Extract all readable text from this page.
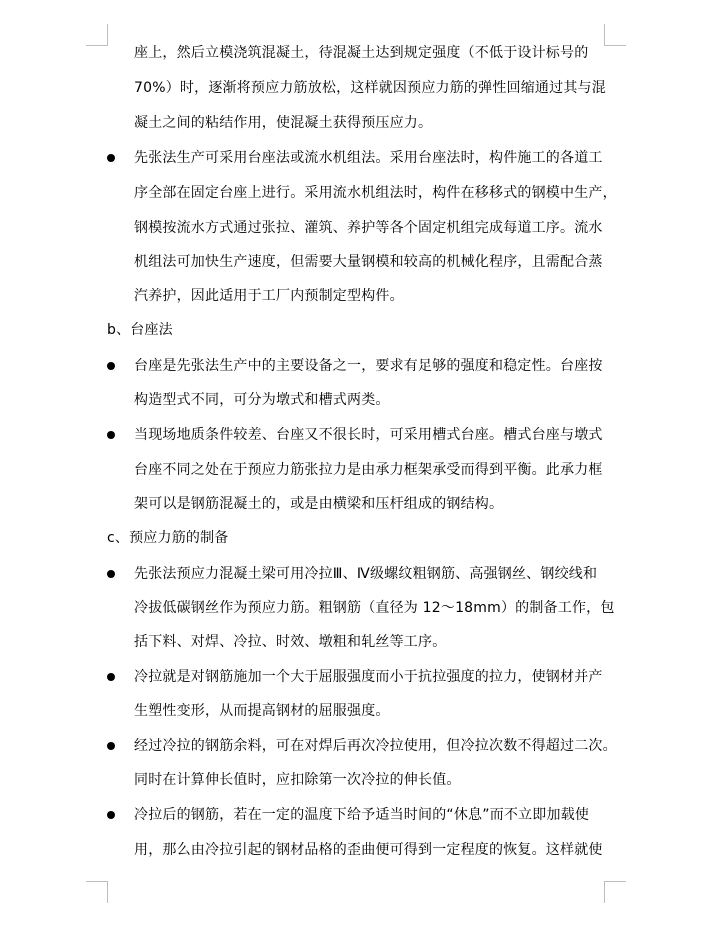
座上，然后立模浇筑混凝土，待混凝土达到规定强度（不低于设计标号的
70%）时，逐渐将预应力筋放松，这样就因预应力筋的弹性回缩通过其与混
凝土之间的粘结作用，使混凝土获得预压应力。
先张法生产可采用台座法或流水机组法。采用台座法时，构件施工的各道工
序全部在固定台座上进行。采用流水机组法时，构件在移移式的钢模中生产，
钢模按流水方式通过张拉、灌筑、养护等各个固定机组完成每道工序。流水
机组法可加快生产速度，但需要大量钢模和较高的机械化程序，且需配合蒸
汽养护，因此适用于工厂内预制定型构件。
b、台座法
台座是先张法生产中的主要设备之一，要求有足够的强度和稳定性。台座按
构造型式不同，可分为墩式和槽式两类。
当现场地质条件较差、台座又不很长时，可采用槽式台座。槽式台座与墩式
台座不同之处在于预应力筋张拉力是由承力框架承受而得到平衡。此承力框
架可以是钢筋混凝土的，或是由横梁和压杆组成的钢结构。
c、预应力筋的制备
先张法预应力混凝土梁可用冷拉Ⅲ、Ⅳ级螺纹粗钢筋、高强钢丝、钢绞线和
冷拔低碳钢丝作为预应力筋。粗钢筋（直径为 12～18mm）的制备工作，包
括下料、对焊、冷拉、时效、墩粗和轧丝等工序。
冷拉就是对钢筋施加一个大于屈服强度而小于抗拉强度的拉力，使钢材并产
生塑性变形，从而提高钢材的屈服强度。
经过冷拉的钢筋余料，可在对焊后再次冷拉使用，但冷拉次数不得超过二次。
同时在计算伸长值时，应扣除第一次冷拉的伸长值。
冷拉后的钢筋，若在一定的温度下给予适当时间的“休息”而不立即加载使
用，那么由冷拉引起的钢材品格的歪曲便可得到一定程度的恢复。这样就使
